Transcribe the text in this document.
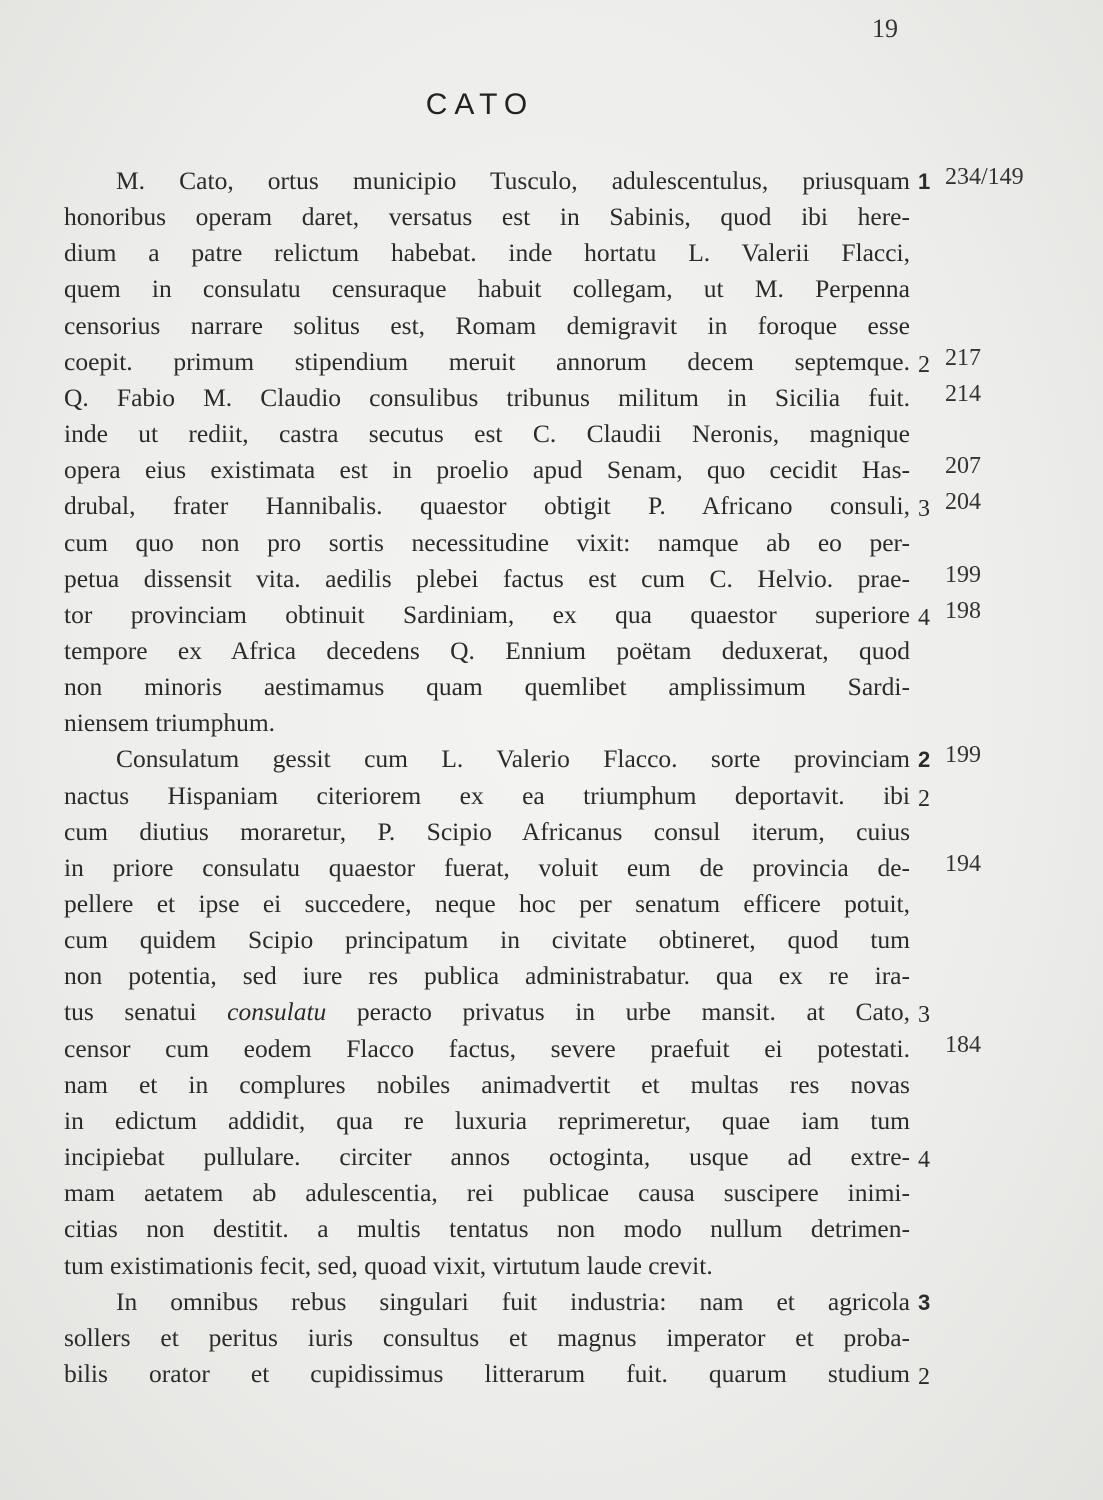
19
CATO
M. Cato, ortus municipio Tusculo, adulescentulus, priusquam 1 234/149
honoribus operam daret, versatus est in Sabinis, quod ibi here-
dium a patre relictum habebat. inde hortatu L. Valerii Flacci,
quem in consulatu censuraque habuit collegam, ut M. Perpenna
censorius narrare solitus est, Romam demigravit in foroque esse
coepit. primum stipendium meruit annorum decem septemque. 2 217
Q. Fabio M. Claudio consulibus tribunus militum in Sicilia fuit. 214
inde ut rediit, castra secutus est C. Claudii Neronis, magnique
opera eius existimata est in proelio apud Senam, quo cecidit Has- 207
drubal, frater Hannibalis. quaestor obtigit P. Africano consuli, 3 204
cum quo non pro sortis necessitudine vixit: namque ab eo per-
petua dissensit vita. aedilis plebei factus est cum C. Helvio. prae- 199
tor provinciam obtinuit Sardiniam, ex qua quaestor superiore 4 198
tempore ex Africa decedens Q. Ennium poëtam deduxerat, quod
non minoris aestimamus quam quemlibet amplissimum Sardi-
niensem triumphum.
Consulatum gessit cum L. Valerio Flacco. sorte provinciam 2 199
nactus Hispaniam citeriorem ex ea triumphum deportavit. ibi 2
cum diutius moraretur, P. Scipio Africanus consul iterum, cuius
in priore consulatu quaestor fuerat, voluit eum de provincia de- 194
pellere et ipse ei succedere, neque hoc per senatum efficere potuit,
cum quidem Scipio principatum in civitate obtineret, quod tum
non potentia, sed iure res publica administrabatur. qua ex re ira-
tus senatui consulatu peracto privatus in urbe mansit. at Cato, 3
censor cum eodem Flacco factus, severe praefuit ei potestati. 184
nam et in complures nobiles animadvertit et multas res novas
in edictum addidit, qua re luxuria reprimeretur, quae iam tum
incipiebat pullulare. circiter annos octoginta, usque ad extre- 4
mam aetatem ab adulescentia, rei publicae causa suscipere inimi-
citias non destitit. a multis tentatus non modo nullum detrimen-
tum existimationis fecit, sed, quoad vixit, virtutum laude crevit.
In omnibus rebus singulari fuit industria: nam et agricola 3
sollers et peritus iuris consultus et magnus imperator et proba-
bilis orator et cupidissimus litterarum fuit. quarum studium 2
